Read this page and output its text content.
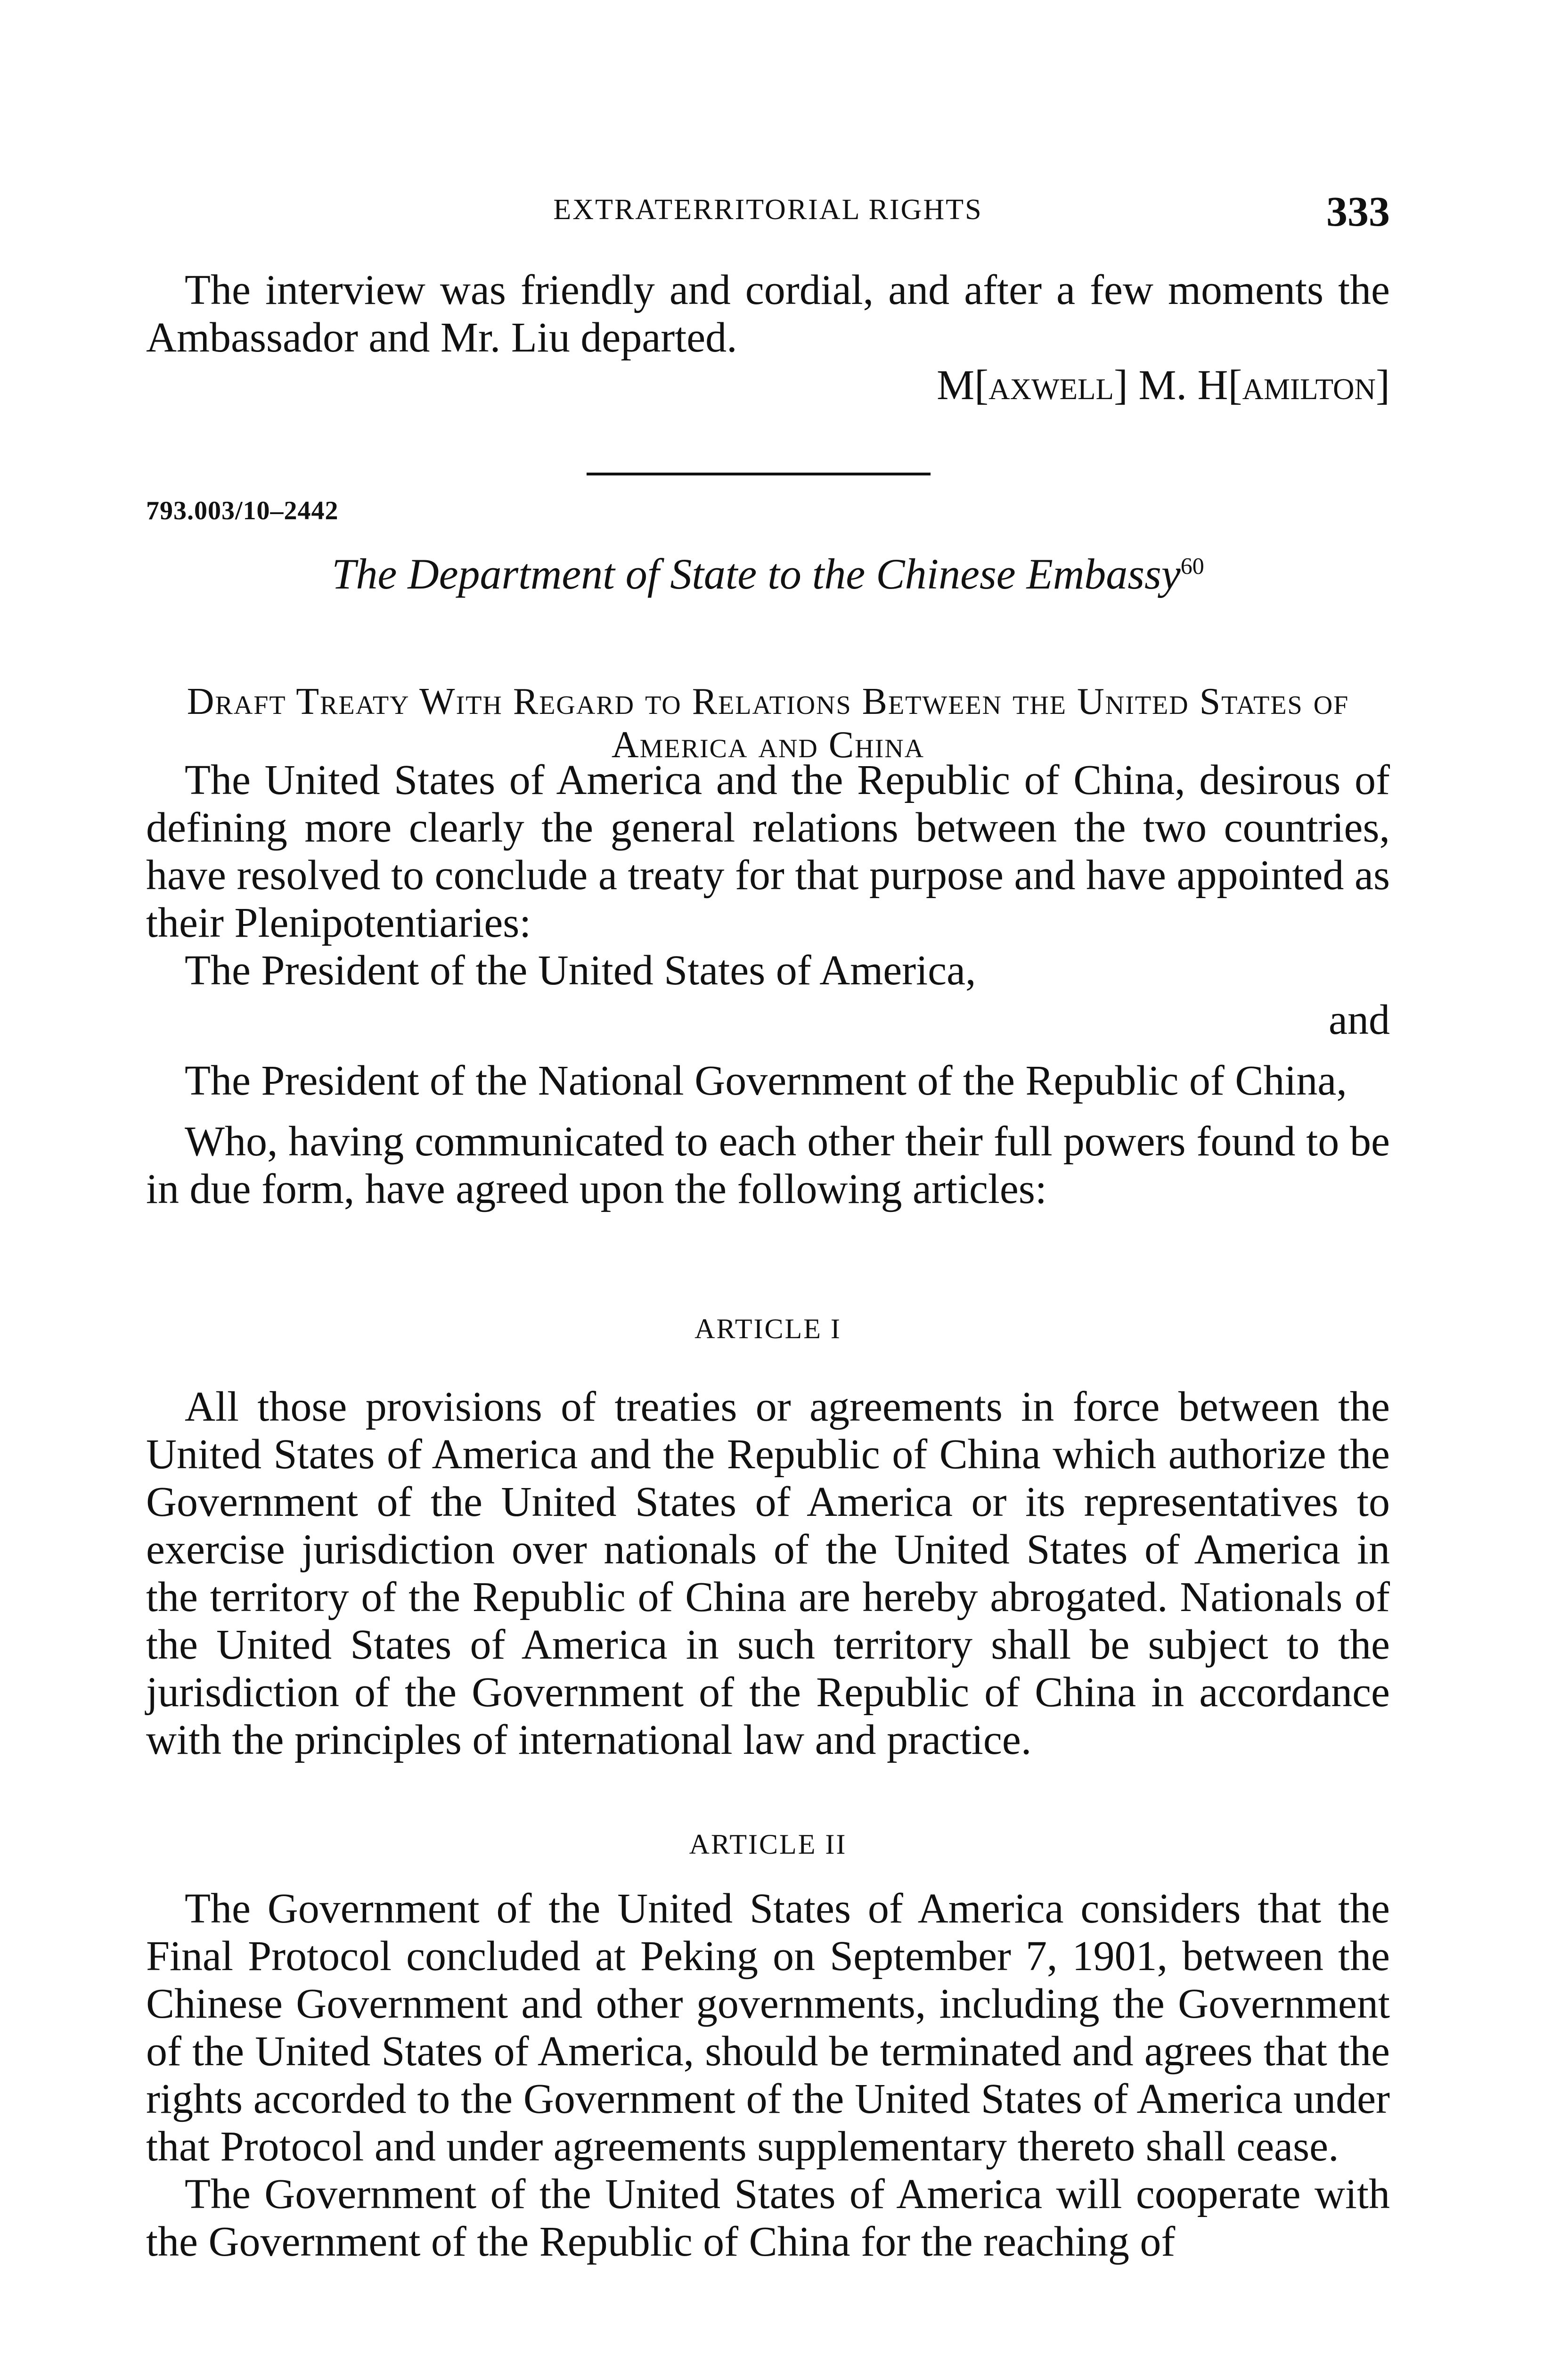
EXTRATERRITORIAL RIGHTS	333

The interview was friendly and cordial, and after a few moments the Ambassador and Mr. Liu departed.

M[axwell] M. H[amilton]

793.003/10–2442
The Department of State to the Chinese Embassy$^{60}$
Draft Treaty With Regard to Relations Between the United States of America and China

The United States of America and the Republic of China, desirous of defining more clearly the general relations between the two countries, have resolved to conclude a treaty for that purpose and have appointed as their Plenipotentiaries:

The President of the United States of America,

and

The President of the National Government of the Republic of China,

Who, having communicated to each other their full powers found to be in due form, have agreed upon the following articles:

ARTICLE I

All those provisions of treaties or agreements in force between the United States of America and the Republic of China which authorize the Government of the United States of America or its representatives to exercise jurisdiction over nationals of the United States of America in the territory of the Republic of China are hereby abrogated. Nationals of the United States of America in such territory shall be subject to the jurisdiction of the Government of the Republic of China in accordance with the principles of international law and practice.

ARTICLE II

The Government of the United States of America considers that the Final Protocol concluded at Peking on September 7, 1901, between the Chinese Government and other governments, including the Government of the United States of America, should be terminated and agrees that the rights accorded to the Government of the United States of America under that Protocol and under agreements supplementary thereto shall cease.

The Government of the United States of America will cooperate with the Government of the Republic of China for the reaching of
